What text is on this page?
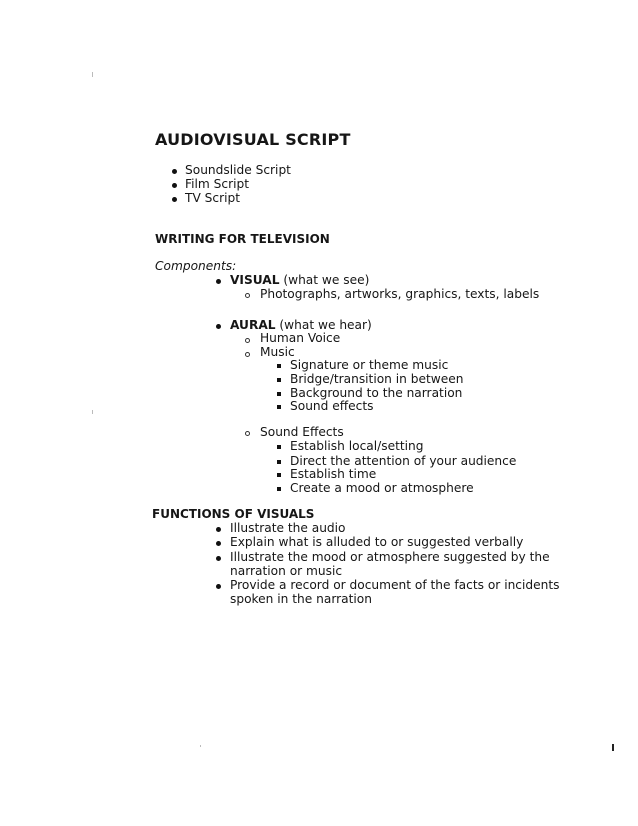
AUDIOVISUAL SCRIPT
Soundslide Script
Film Script
TV Script
WRITING FOR TELEVISION
Components:
VISUAL (what we see)
Photographs, artworks, graphics, texts, labels
AURAL (what we hear)
Human Voice
Music
Signature or theme music
Bridge/transition in between
Background to the narration
Sound effects
Sound Effects
Establish local/setting
Direct the attention of your audience
Establish time
Create a mood or atmosphere
FUNCTIONS OF VISUALS
Illustrate the audio
Explain what is alluded to or suggested verbally
Illustrate the mood or atmosphere suggested by the
narration or music
Provide a record or document of the facts or incidents
spoken in the narration
